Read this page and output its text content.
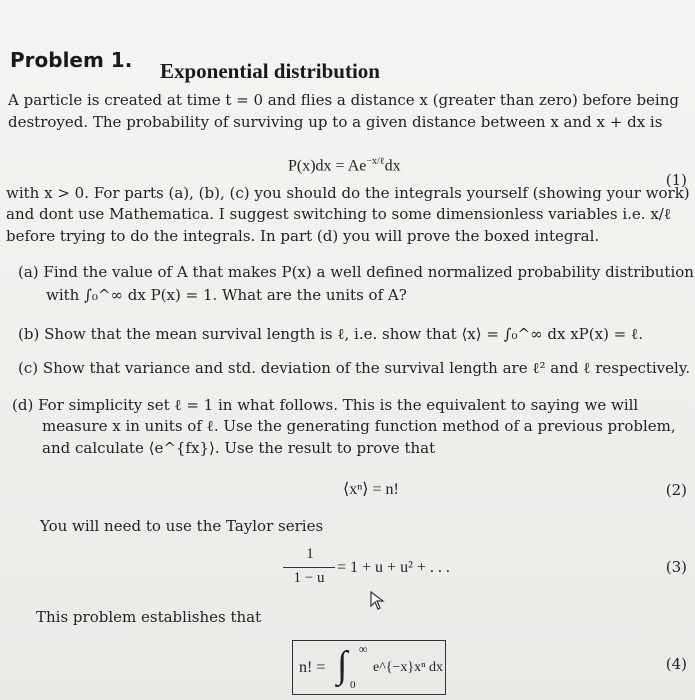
Problem 1. Exponential distribution
A particle is created at time t = 0 and flies a distance x (greater than zero) before being
destroyed. The probability of surviving up to a given distance between x and x + dx is
$P(x)dx = Ae^{-x/\ell}dx$
(1)
with x > 0. For parts (a), (b), (c) you should do the integrals yourself (showing your work)
and dont use Mathematica. I suggest switching to some dimensionless variables i.e. x/ℓ
before trying to do the integrals. In part (d) you will prove the boxed integral.
(a) Find the value of A that makes P(x) a well defined normalized probability distribution
with ∫₀^∞ dx P(x) = 1. What are the units of A?
(b) Show that the mean survival length is ℓ, i.e. show that ⟨x⟩ = ∫₀^∞ dx xP(x) = ℓ.
(c) Show that variance and std. deviation of the survival length are ℓ² and ℓ respectively.
(d) For simplicity set ℓ = 1 in what follows. This is the equivalent to saying we will
measure x in units of ℓ. Use the generating function method of a previous problem,
and calculate ⟨e^{fx}⟩. Use the result to prove that
⟨xⁿ⟩ = n!	(2)
You will need to use the Taylor series
1
1 − u
= 1 + u + u² + . . .	(3)
This problem establishes that
n! = ∫ ∞
0
e^{−x}xⁿ dx	(4)
